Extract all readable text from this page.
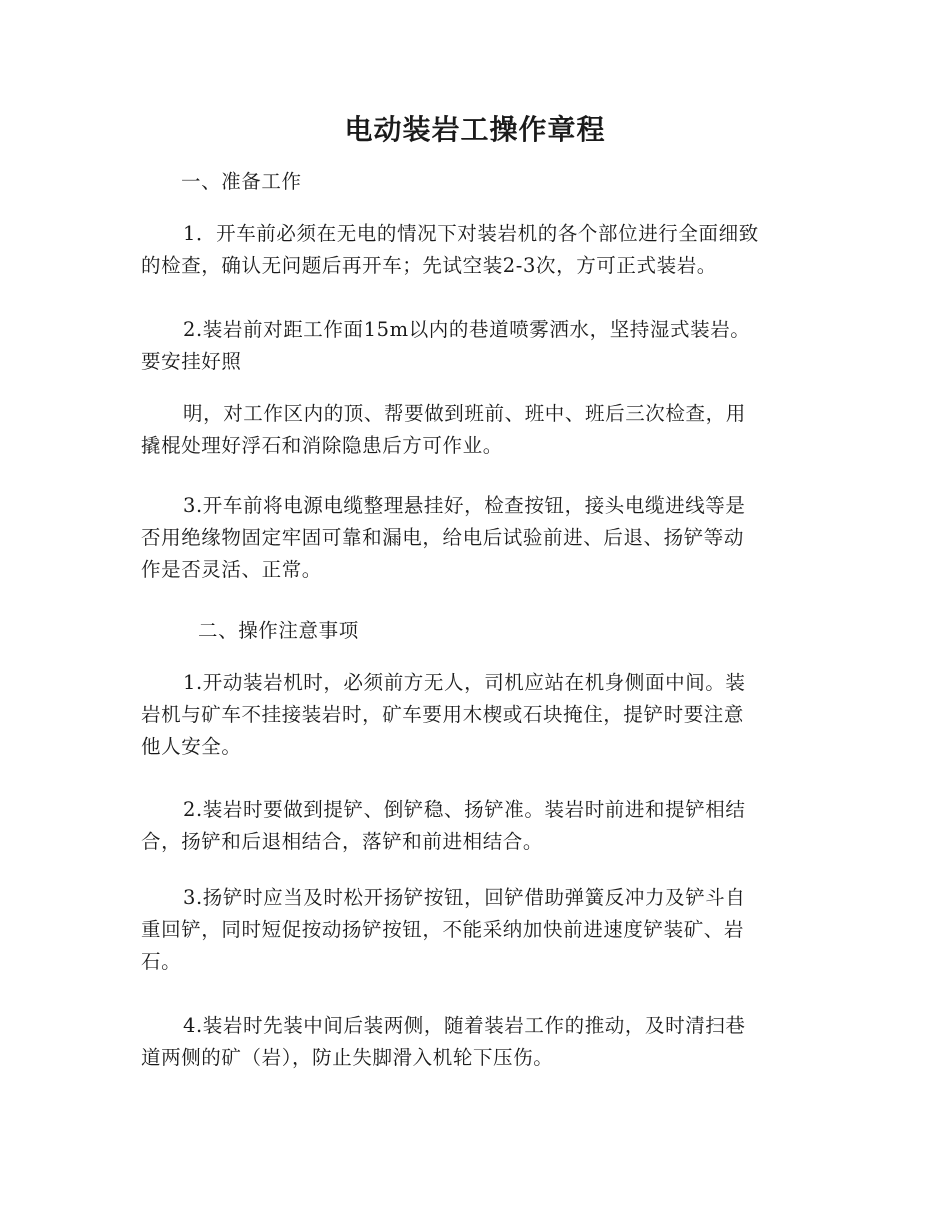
电动装岩工操作章程
一、准备工作
1．开车前必须在无电的情况下对装岩机的各个部位进行全面细致
的检查，确认无问题后再开车；先试空装2-3次，方可正式装岩。
2.装岩前对距工作面15m以内的巷道喷雾洒水，坚持湿式装岩。
要安挂好照
明，对工作区内的顶、帮要做到班前、班中、班后三次检查，用
撬棍处理好浮石和消除隐患后方可作业。
3.开车前将电源电缆整理悬挂好，检查按钮，接头电缆进线等是
否用绝缘物固定牢固可靠和漏电，给电后试验前进、后退、扬铲等动
作是否灵活、正常。
二、操作注意事项
1.开动装岩机时，必须前方无人，司机应站在机身侧面中间。装
岩机与矿车不挂接装岩时，矿车要用木楔或石块掩住，提铲时要注意
他人安全。
2.装岩时要做到提铲、倒铲稳、扬铲准。装岩时前进和提铲相结
合，扬铲和后退相结合，落铲和前进相结合。
3.扬铲时应当及时松开扬铲按钮，回铲借助弹簧反冲力及铲斗自
重回铲，同时短促按动扬铲按钮，不能采纳加快前进速度铲装矿、岩
石。
4.装岩时先装中间后装两侧，随着装岩工作的推动，及时清扫巷
道两侧的矿（岩），防止失脚滑入机轮下压伤。
